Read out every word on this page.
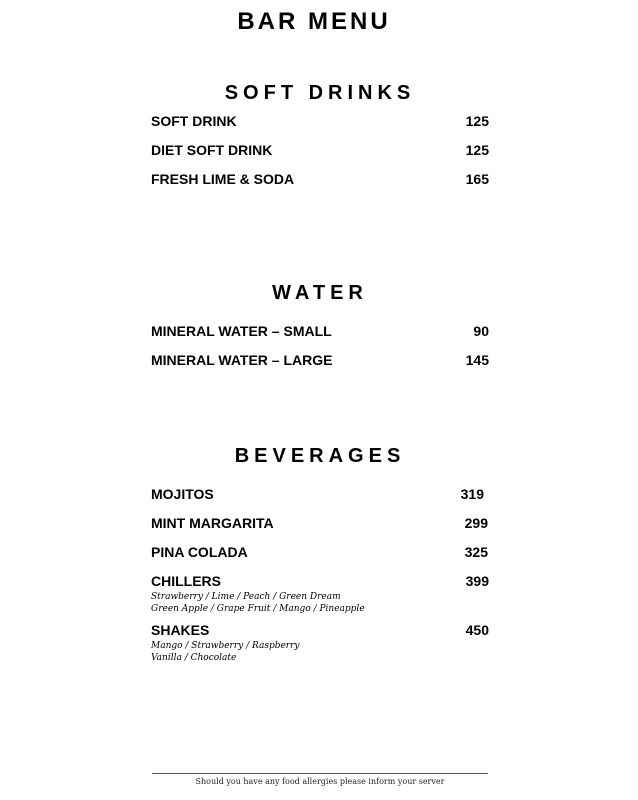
BAR MENU
SOFT DRINKS
SOFT DRINK	125
DIET SOFT DRINK	125
FRESH LIME & SODA	165
WATER
MINERAL WATER – SMALL	90
MINERAL WATER – LARGE	145
BEVERAGES
MOJITOS	319
MINT MARGARITA	299
PINA COLADA	325
CHILLERS	399
Strawberry / Lime / Peach / Green Dream
Green Apple / Grape Fruit / Mango / Pineapple
SHAKES	450
Mango / Strawberry / Raspberry
Vanilla / Chocolate
Should you have any food allergies please inform your server
